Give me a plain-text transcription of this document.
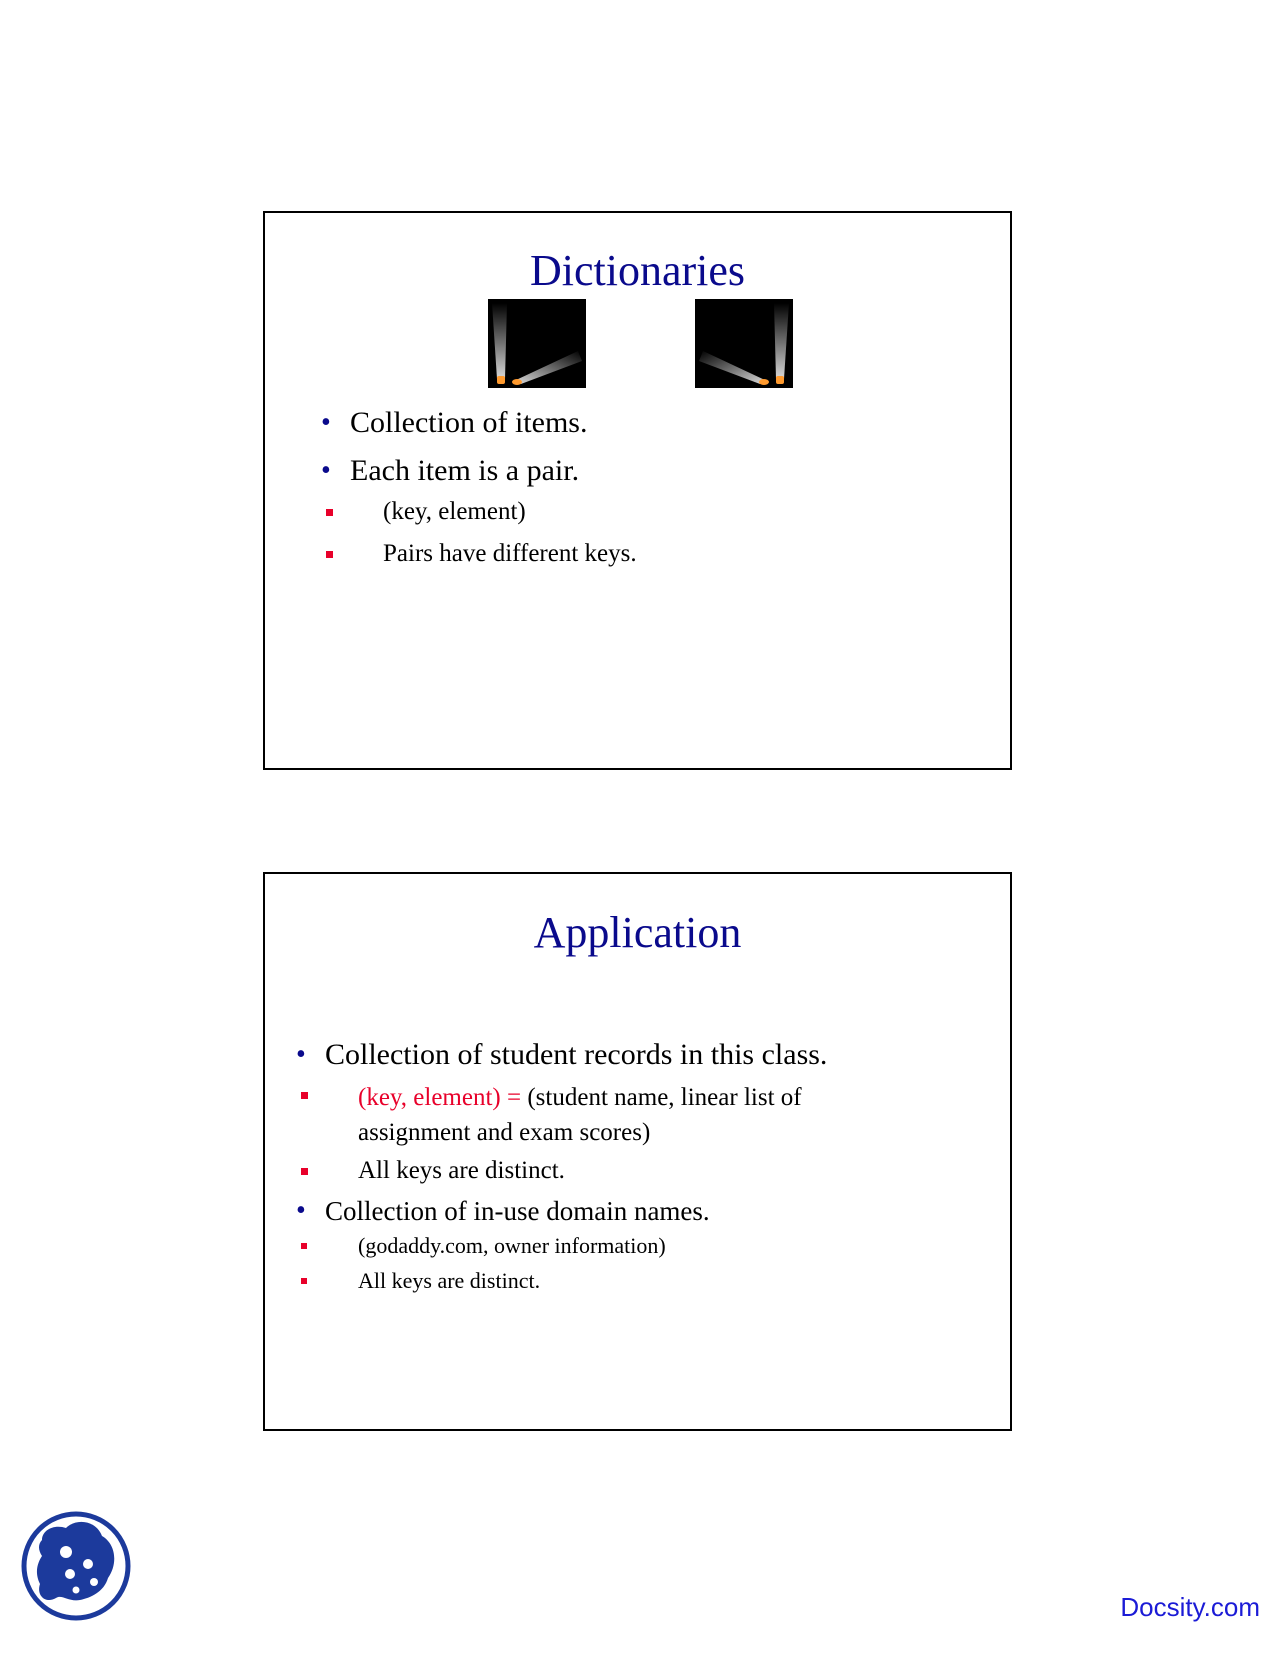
Dictionaries
• Collection of items.
• Each item is a pair.
(key, element)
Pairs have different keys.
Application
• Collection of student records in this class.
(key, element) = (student name, linear list of assignment and exam scores)
All keys are distinct.
• Collection of in-use domain names.
(godaddy.com, owner information)
All keys are distinct.
Docsity.com
